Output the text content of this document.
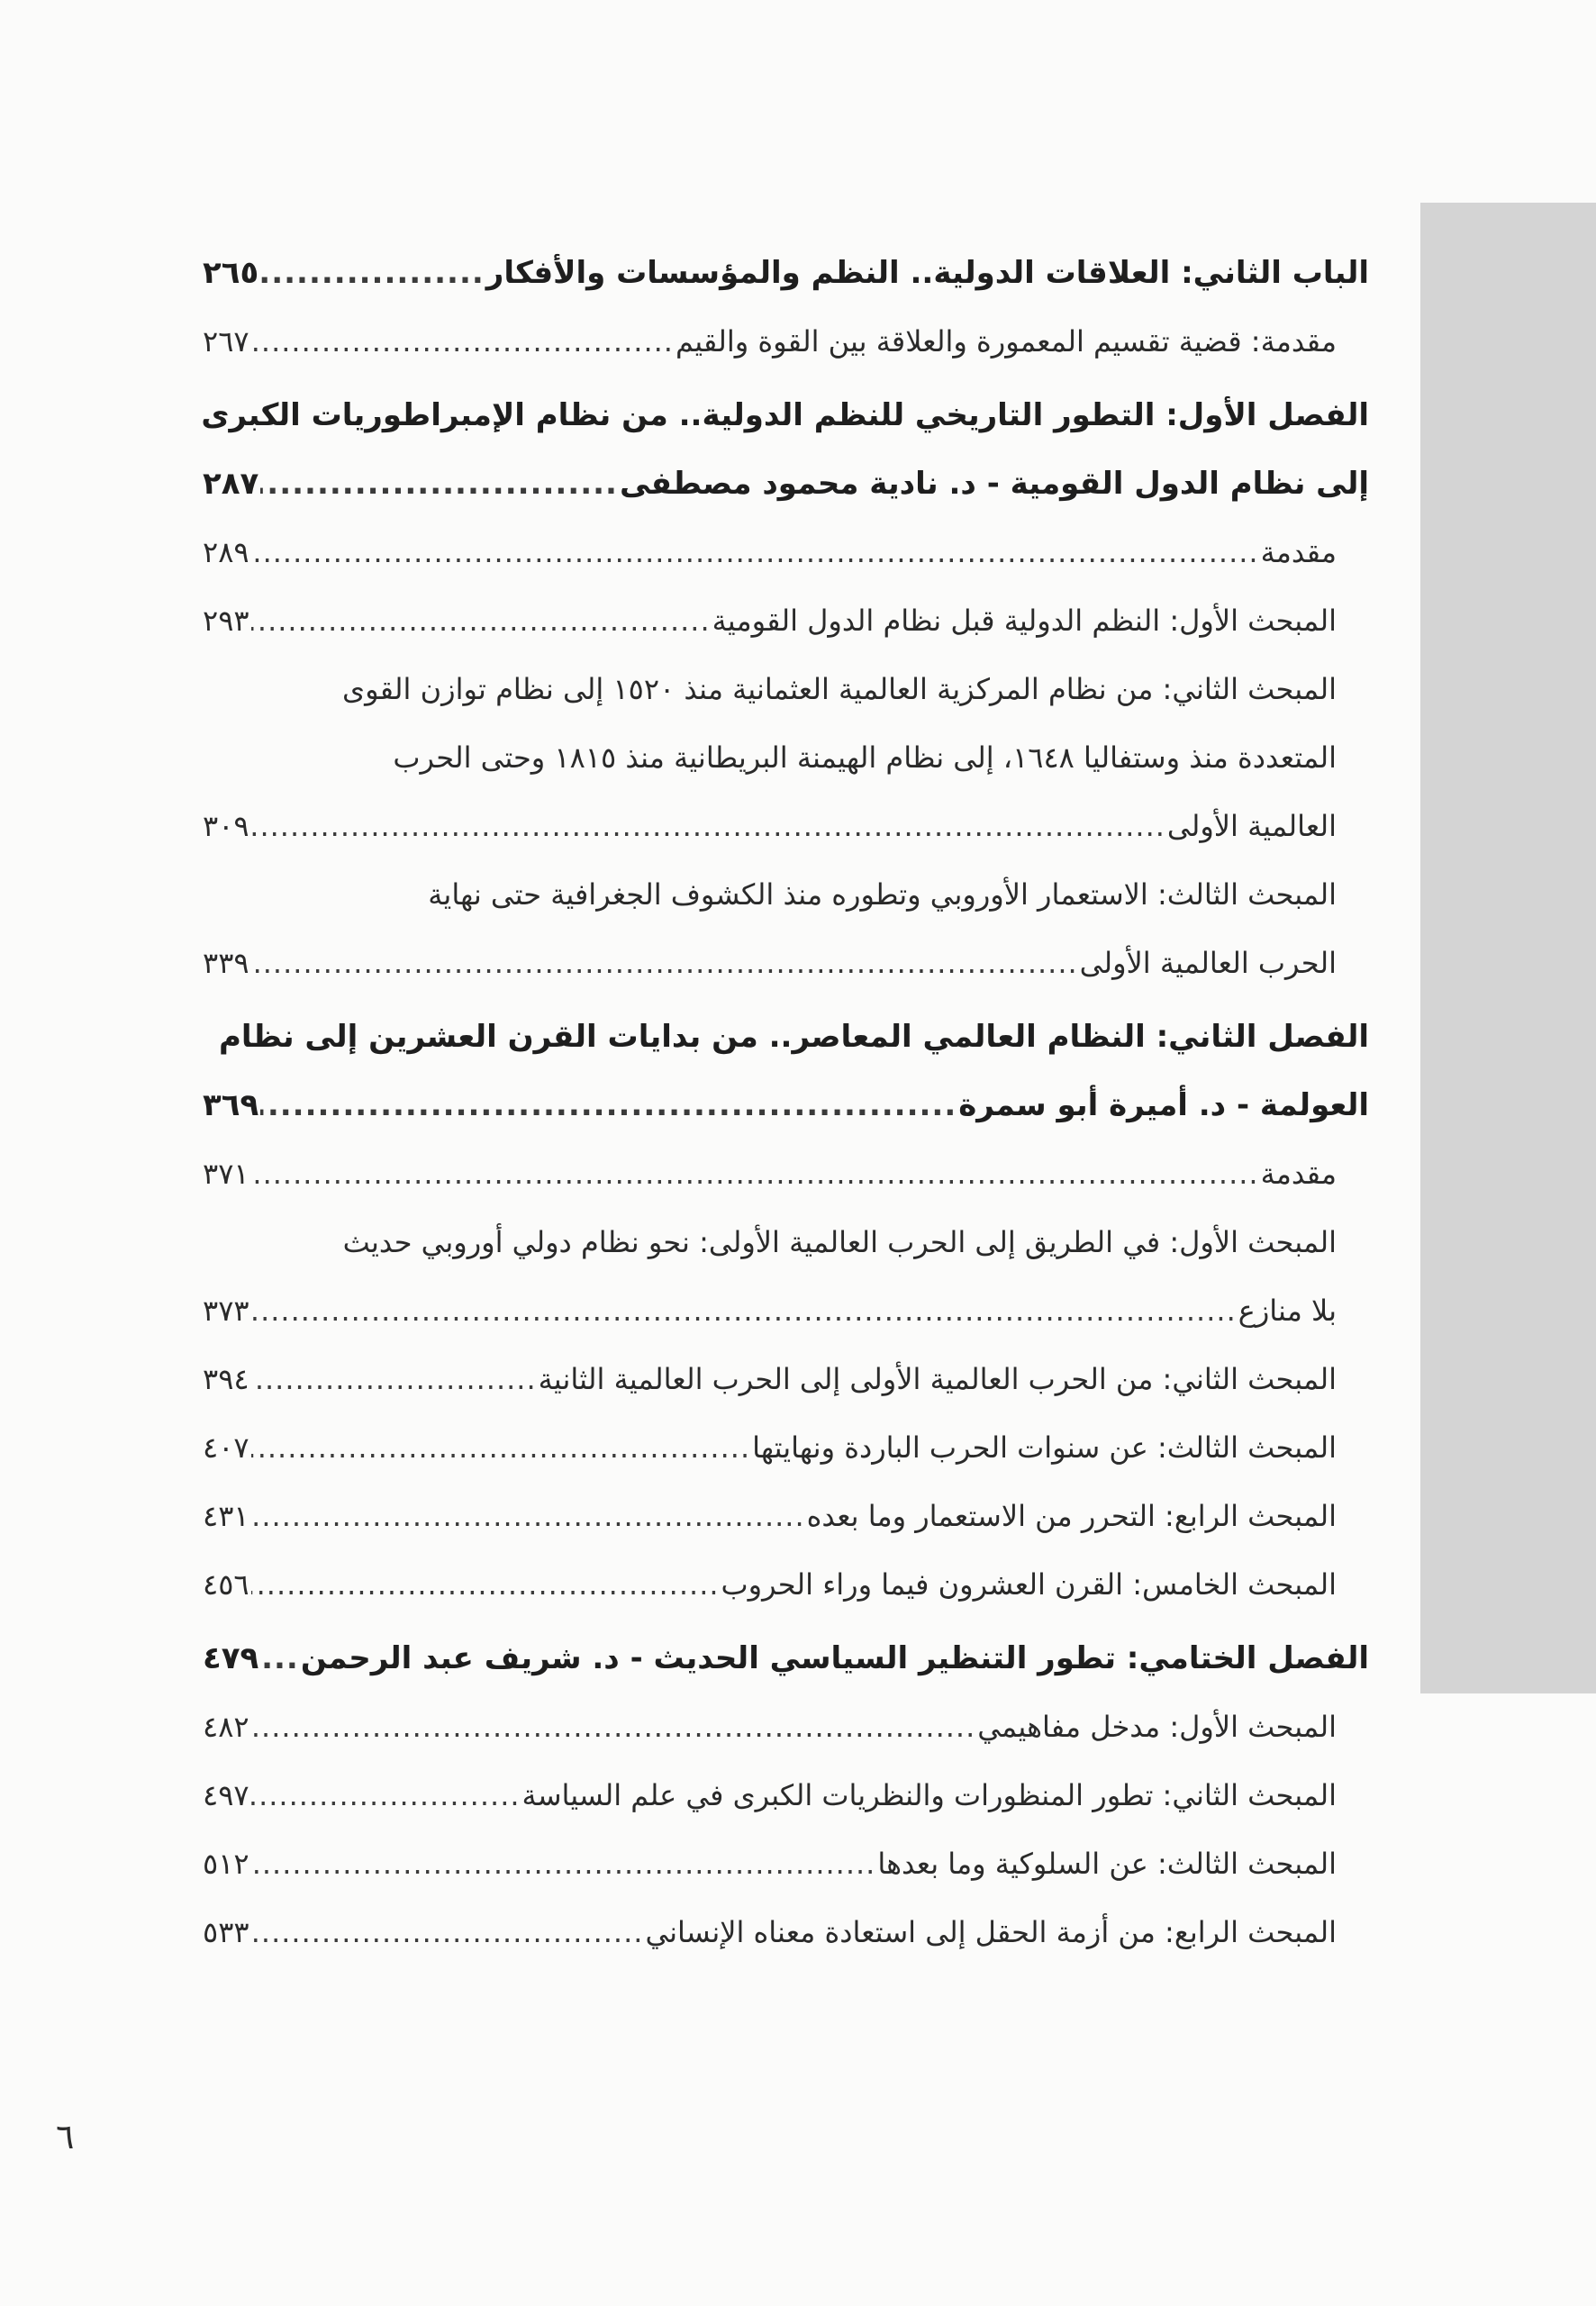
الباب الثاني: العلاقات الدولية.. النظم والمؤسسات والأفكار
.....
٢٦٥
مقدمة: قضية تقسيم المعمورة والعلاقة بين القوة والقيم
.....
٢٦٧
الفصل الأول: التطور التاريخي للنظم الدولية.. من نظام الإمبراطوريات الكبرى
إلى نظام الدول القومية - د. نادية محمود مصطفى
.....
٢٨٧
مقدمة
.....
٢٨٩
المبحث الأول: النظم الدولية قبل نظام الدول القومية
.....
٢٩٣
المبحث الثاني: من نظام المركزية العالمية العثمانية منذ ١٥٢٠ إلى نظام توازن القوى
المتعددة منذ وستفاليا ١٦٤٨، إلى نظام الهيمنة البريطانية منذ ١٨١٥ وحتى الحرب
العالمية الأولى
.....
٣٠٩
المبحث الثالث: الاستعمار الأوروبي وتطوره منذ الكشوف الجغرافية حتى نهاية
الحرب العالمية الأولى
.....
٣٣٩
الفصل الثاني: النظام العالمي المعاصر.. من بدايات القرن العشرين إلى نظام
العولمة - د. أميرة أبو سمرة
.....
٣٦٩
مقدمة
.....
٣٧١
المبحث الأول: في الطريق إلى الحرب العالمية الأولى: نحو نظام دولي أوروبي حديث
بلا منازع
.....
٣٧٣
المبحث الثاني: من الحرب العالمية الأولى إلى الحرب العالمية الثانية
.....
٣٩٤
المبحث الثالث: عن سنوات الحرب الباردة ونهايتها
.....
٤٠٧
المبحث الرابع: التحرر من الاستعمار وما بعده
.....
٤٣١
المبحث الخامس: القرن العشرون فيما وراء الحروب
.....
٤٥٦
الفصل الختامي: تطور التنظير السياسي الحديث - د. شريف عبد الرحمن
.....
٤٧٩
المبحث الأول: مدخل مفاهيمي
.....
٤٨٢
المبحث الثاني: تطور المنظورات والنظريات الكبرى في علم السياسة
.....
٤٩٧
المبحث الثالث: عن السلوكية وما بعدها
.....
٥١٢
المبحث الرابع: من أزمة الحقل إلى استعادة معناه الإنساني
.....
٥٣٣
٦
